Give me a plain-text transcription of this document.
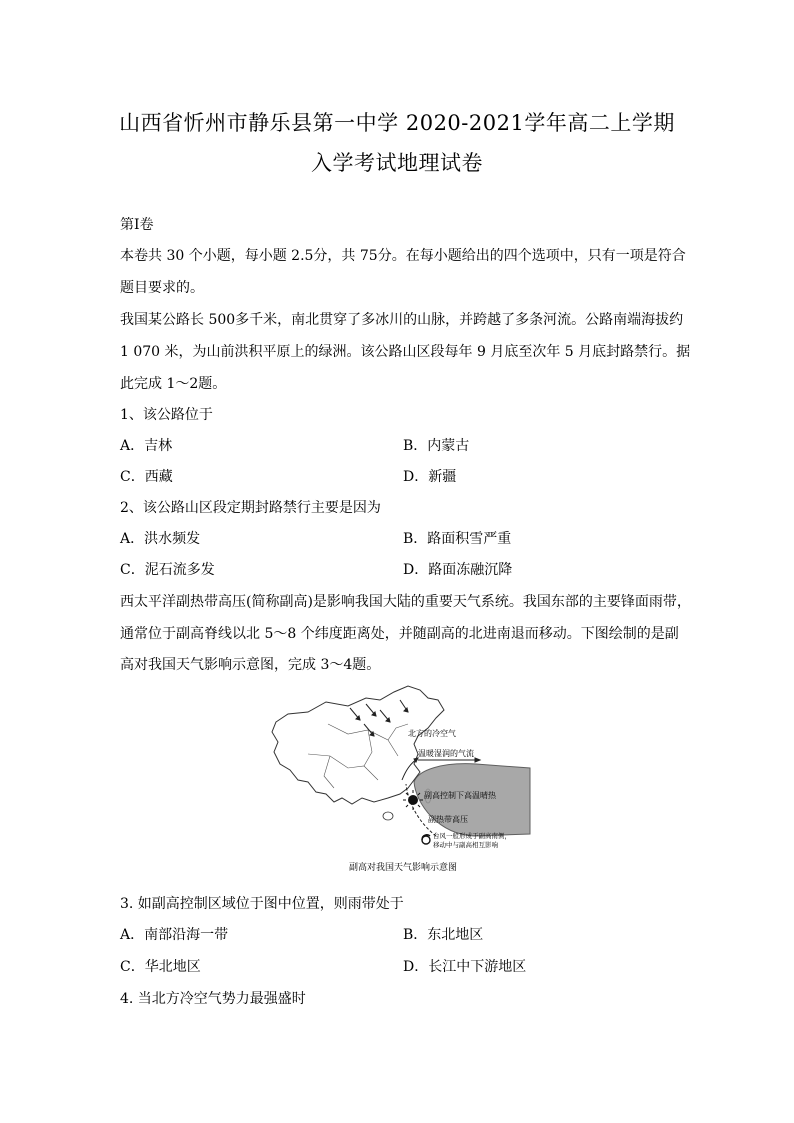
山西省忻州市静乐县第一中学 2020-2021学年高二上学期
入学考试地理试卷
第Ⅰ卷
本卷共 30 个小题，每小题 2.5分，共 75分。在每小题给出的四个选项中，只有一项是符合
题目要求的。
我国某公路长 500多千米，南北贯穿了多冰川的山脉，并跨越了多条河流。公路南端海拔约
1 070 米，为山前洪积平原上的绿洲。该公路山区段每年 9 月底至次年 5 月底封路禁行。据
此完成 1～2题。
1、该公路位于
A．吉林	B．内蒙古
C．西藏	D．新疆
2、该公路山区段定期封路禁行主要是因为
A．洪水频发	B．路面积雪严重
C．泥石流多发	D．路面冻融沉降
西太平洋副热带高压(简称副高)是影响我国大陆的重要天气系统。我国东部的主要锋面雨带，
通常位于副高脊线以北 5～8 个纬度距离处，并随副高的北进南退而移动。下图绘制的是副
高对我国天气影响示意图，完成 3～4题。
北方的冷空气
温暖湿润的气流
副高控制下高温晴热
副热带高压
台风一般形成于副高南侧，
移动中与副高相互影响
副高对我国天气影响示意图
3. 如副高控制区域位于图中位置，则雨带处于
A．南部沿海一带	B．东北地区
C．华北地区	D．长江中下游地区
4. 当北方冷空气势力最强盛时
